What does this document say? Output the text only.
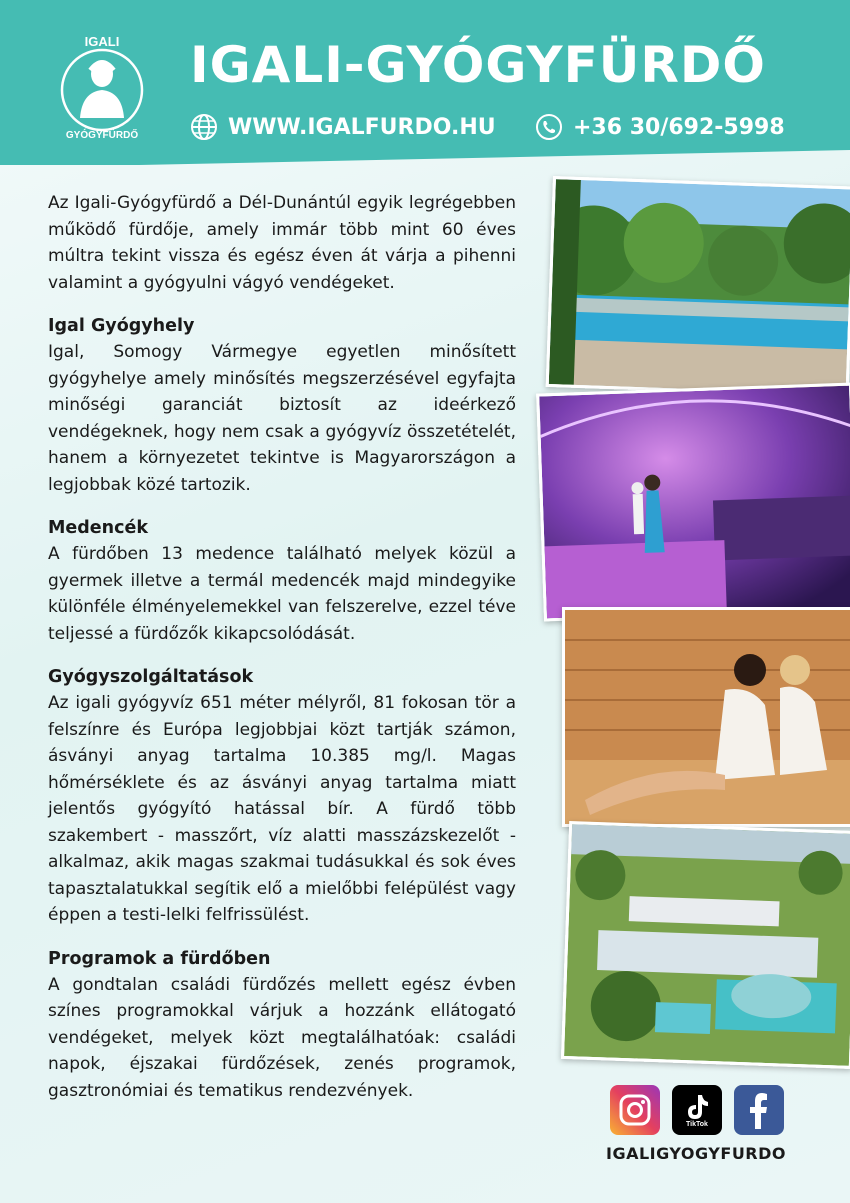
IGALI
GYÓGYFÜRDŐ
IGALI-GYÓGYFÜRDŐ
WWW.IGALFURDO.HU	+36 30/692-5998

Az Igali-Gyógyfürdő a Dél-Dunántúl egyik legrégebben működő fürdője, amely immár több mint 60 éves múltra tekint vissza és egész éven át várja a pihenni valamint a gyógyulni vágyó vendégeket.

Igal Gyógyhely

Igal, Somogy Vármegye egyetlen minősített gyógyhelye amely minősítés megszerzésével egyfajta minőségi garanciát biztosít az ideérkező vendégeknek, hogy nem csak a gyógyvíz összetételét, hanem a környezetet tekintve is Magyarországon a legjobbak közé tartozik.

Medencék

A fürdőben 13 medence található melyek közül a gyermek illetve a termál medencék majd mindegyike különféle élményelemekkel van felszerelve, ezzel téve teljessé a fürdőzők kikapcsolódását.

Gyógyszolgáltatások

Az igali gyógyvíz 651 méter mélyről, 81 fokosan tör a felszínre és Európa legjobbjai közt tartják számon, ásványi anyag tartalma 10.385 mg/l. Magas hőmérséklete és az ásványi anyag tartalma miatt jelentős gyógyító hatással bír. A fürdő több szakembert - masszőrt, víz alatti masszázskezelőt - alkalmaz, akik magas szakmai tudásukkal és sok éves tapasztalatukkal segítik elő a mielőbbi felépülést vagy éppen a testi-lelki felfrissülést.

Programok a fürdőben

A gondtalan családi fürdőzés mellett egész évben színes programokkal várjuk a hozzánk ellátogató vendégeket, melyek közt megtalálhatóak: családi napok, éjszakai fürdőzések, zenés programok, gasztronómiai és tematikus rendezvények.

TikTok
IGALIGYOGYFURDO
